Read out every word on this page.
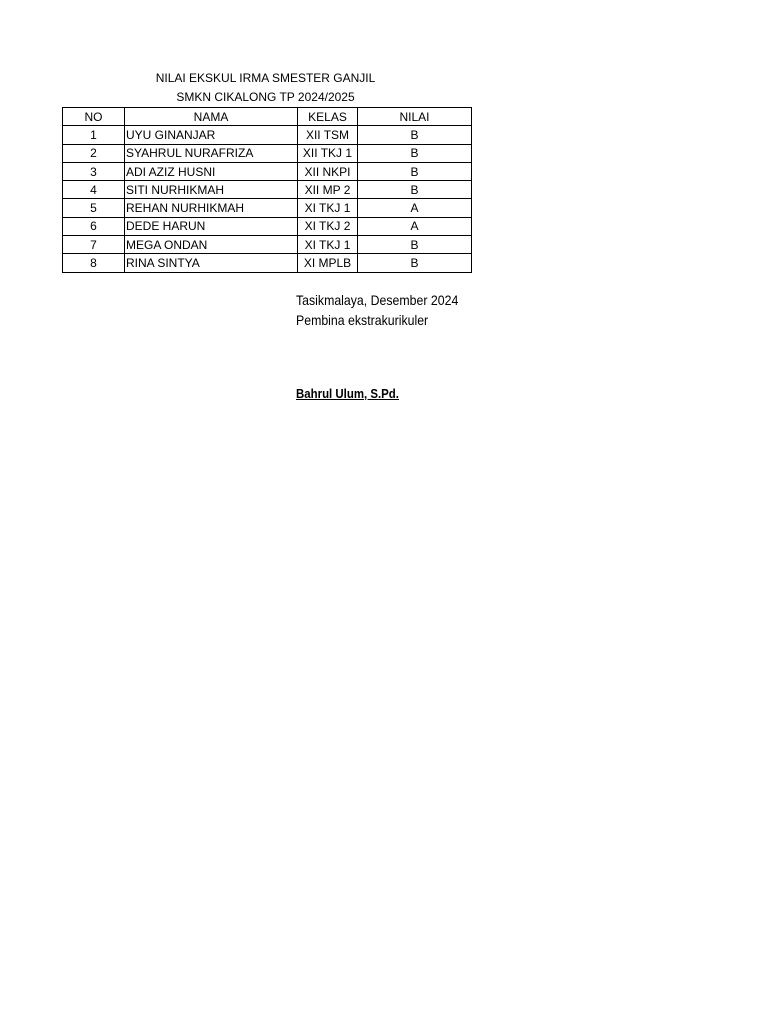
NILAI EKSKUL IRMA SMESTER GANJIL
SMKN CIKALONG TP 2024/2025
NO	NAMA	KELAS	NILAI
1	UYU GINANJAR	XII TSM	B
2	SYAHRUL NURAFRIZA	XII TKJ 1	B
3	ADI AZIZ HUSNI	XII NKPI	B
4	SITI NURHIKMAH	XII MP 2	B
5	REHAN NURHIKMAH	XI TKJ 1	A
6	DEDE HARUN	XI TKJ 2	A
7	MEGA ONDAN	XI TKJ 1	B
8	RINA SINTYA	XI MPLB	B
Tasikmalaya, Desember 2024
Pembina ekstrakurikuler
Bahrul Ulum, S.Pd.
